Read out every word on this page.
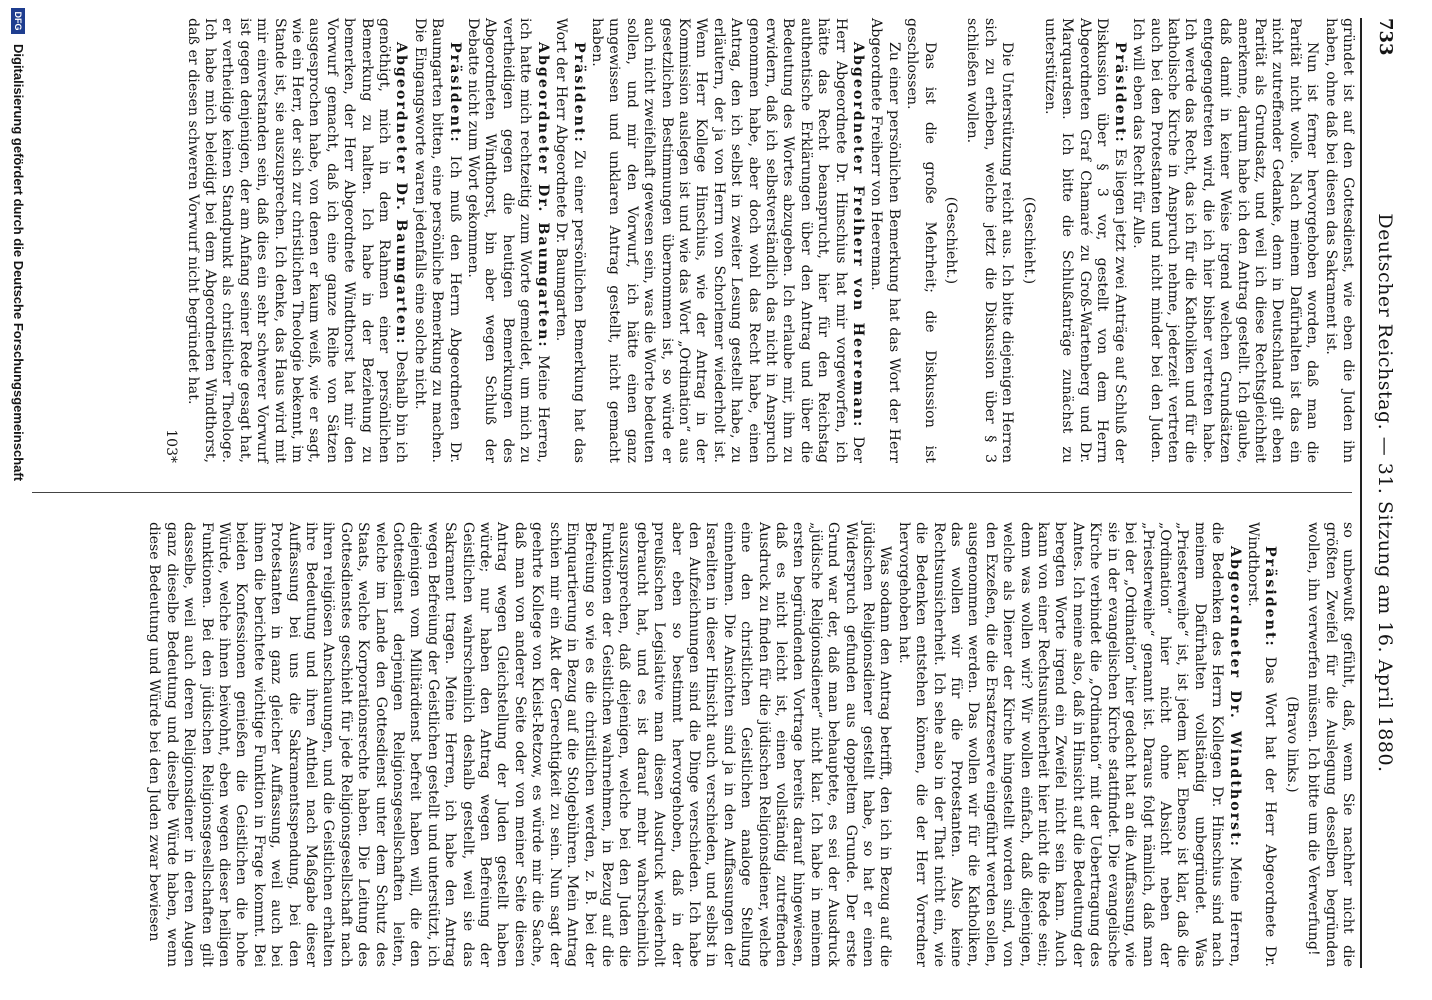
Deutscher Reichstag. — 31. Sitzung am 16. April 1880.
733

gründet ist auf den Gottesdienst, wie eben die Juden ihn haben, ohne daß bei diesen das Sakrament ist.

Nun ist ferner hervorgehoben worden, daß man die Parität nicht wolle. Nach meinem Dafürhalten ist das ein nicht zutreffender Gedanke, denn in Deutschland gilt eben Parität als Grundsatz, und weil ich diese Rechtsgleichheit anerkenne, darum habe ich den Antrag gestellt. Ich glaube, daß damit in keiner Weise irgend welchen Grundsätzen entgegengetreten wird, die ich hier bisher vertreten habe. Ich werde das Recht, das ich für die Katholiken und für die katholische Kirche in Anspruch nehme, jederzeit vertreten auch bei den Protestanten und nicht minder bei den Juden. Ich will eben das Recht für Alle.

Präsident: Es liegen jetzt zwei Anträge auf Schluß der Diskussion über § 3 vor, gestellt von dem Herrn Abgeordneten Graf Chamaré zu Groß-Wartenberg und Dr. Marquardsen. Ich bitte die Schlußanträge zunächst zu unterstützen.

(Geschieht.)

Die Unterstützung reicht aus. Ich bitte diejenigen Herren sich zu erheben, welche jetzt die Diskussion über § 3 schließen wollen.

(Geschieht.)

Das ist die große Mehrheit; die Diskussion ist geschlossen.

Zu einer persönlichen Bemerkung hat das Wort der Herr Abgeordnete Freiherr von Heereman.

Abgeordneter Freiherr von Heereman: Der Herr Abgeordnete Dr. Hinschius hat mir vorgeworfen, ich hätte das Recht beansprucht, hier für den Reichstag authentische Erklärungen über den Antrag und über die Bedeutung des Wortes abzugeben. Ich erlaube mir, ihm zu erwidern, daß ich selbstverständlich das nicht in Anspruch genommen habe, aber doch wohl das Recht habe, einen Antrag, den ich selbst in zweiter Lesung gestellt habe, zu erläutern, der ja von Herrn von Schorlemer wiederholt ist. Wenn Herr Kollege Hinschius, wie der Antrag in der Kommission auslegen ist und wie das Wort „Ordination“ aus gesetzlichen Bestimmungen übernommen ist, so würde er auch nicht zweifelhaft gewesen sein, was die Worte bedeuten sollen, und mir den Vorwurf, ich hätte einen ganz ungewissen und unklaren Antrag gestellt, nicht gemacht haben.

Präsident: Zu einer persönlichen Bemerkung hat das Wort der Herr Abgeordnete Dr. Baumgarten.

Abgeordneter Dr. Baumgarten: Meine Herren, ich hatte mich rechtzeitig zum Worte gemeldet, um mich zu vertheidigen gegen die heutigen Bemerkungen des Abgeordneten Windthorst, bin aber wegen Schluß der Debatte nicht zum Wort gekommen.

Präsident: Ich muß den Herrn Abgeordneten Dr. Baumgarten bitten, eine persönliche Bemerkung zu machen. Die Eingangsworte waren jedenfalls eine solche nicht.

Abgeordneter Dr. Baumgarten: Deshalb bin ich genöthigt, mich in dem Rahmen einer persönlichen Bemerkung zu halten. Ich habe in der Beziehung zu bemerken, der Herr Abgeordnete Windthorst hat mir den Vorwurf gemacht, daß ich eine ganze Reihe von Sätzen ausgesprochen habe, von denen er kaum weiß, wie er sagt, wie ein Herr, der sich zur christlichen Theologie bekennt, im Stande ist, sie auszusprechen. Ich denke, das Haus wird mit mir einverstanden sein, daß dies ein sehr schwerer Vorwurf ist gegen denjenigen, der am Anfang seiner Rede gesagt hat, er vertheidige keinen Standpunkt als christlicher Theologe. Ich habe mich beleidigt bei dem Abgeordneten Windthorst, daß er diesen schweren Vorwurf nicht begründet hat.

103*

so unbewußt gefühlt, daß, wenn Sie nachher nicht die größten Zweifel für die Auslegung desselben begründen wollen, ihn verwerfen müssen. Ich bitte um die Verwerfung!

(Bravo links.)

Präsident: Das Wort hat der Herr Abgeordnete Dr. Windthorst.

Abgeordneter Dr. Windthorst: Meine Herren, die Bedenken des Herrn Kollegen Dr. Hinschius sind nach meinem Dafürhalten vollständig unbegründet. Was „Priesterweihe“ ist, ist jedem klar. Ebenso ist klar, daß die „Ordination“ hier nicht ohne Absicht neben der „Priesterweihe“ genannt ist. Daraus folgt nämlich, daß man bei der „Ordination“ hier gedacht hat an die Auffassung, wie sie in der evangelischen Kirche stattfindet. Die evangelische Kirche verbindet die „Ordination“ mit der Uebertragung des Amtes. Ich meine also, daß in Hinsicht auf die Bedeutung der beregten Worte irgend ein Zweifel nicht sein kann. Auch kann von einer Rechtsunsicherheit hier nicht die Rede sein; denn was wollen wir? Wir wollen einfach, daß diejenigen, welche als Diener der Kirche hingestellt worden sind, von den Exzeßen, die die Ersatzreserve eingeführt werden sollen, ausgenommen werden. Das wollen wir für die Katholiken, das wollen wir für die Protestanten. Also keine Rechtsunsicherheit. Ich sehe also in der That nicht ein, wie die Bedenken entstehen können, die der Herr Vorredner hervorgehoben hat.

Was sodann den Antrag betrifft, den ich in Bezug auf die jüdischen Religionsdiener gestellt habe, so hat er einen Widerspruch gefunden aus doppeltem Grunde. Der erste Grund war der, daß man behauptete, es sei der Ausdruck „jüdische Religionsdiener“ nicht klar. Ich habe in meinem ersten begründenden Vortrage bereits darauf hingewiesen, daß es nicht leicht ist, einen vollständig zutreffenden Ausdruck zu finden für die jüdischen Religionsdiener, welche eine den christlichen Geistlichen analoge Stellung einnehmen. Die Ansichten sind ja in den Auffassungen der Israeliten in dieser Hinsicht auch verschieden, und selbst in den Aufzeichnungen sind die Dinge verschieden. Ich habe aber eben so bestimmt hervorgehoben, daß in der preußischen Legislative man diesen Ausdruck wiederholt gebraucht hat, und es ist darauf mehr wahrscheinlich auszusprechen, daß diejenigen, welche bei den Juden die Funktionen der Geistlichen wahrnehmen, in Bezug auf die Befreiung so wie es die christlichen werden, z. B. bei der Einquartierung in Bezug auf die Stolgebühren. Mein Antrag schien mir ein Akt der Gerechtigkeit zu sein. Nun sagt der geehrte Kollege von Kleist-Retzow, es würde mir die Sache, daß man von anderer Seite oder von meiner Seite diesen Antrag wegen Gleichstellung der Juden gestellt haben würde; nur haben den Antrag wegen Befreiung der Geistlichen wahrscheinlich deshalb gestellt, weil sie das Sakrament tragen. Meine Herren, ich habe den Antrag wegen Befreiung der Geistlichen gestellt und unterstützt, ich diejenigen vom Militärdienst befreit haben will, die den Gottesdienst derjenigen Religionsgesellschaften leiten, welche im Lande den Gottesdienst unter dem Schutz des Staats, welche Korporationsrechte haben. Die Leitung des Gottesdienstes geschieht für jede Religionsgesellschaft nach ihren religiösen Anschauungen, und die Geistlichen erhalten ihre Bedeutung und ihren Antheil nach Maßgabe dieser Auffassung bei uns die Sakramentsspendung, bei den Protestanten in ganz gleicher Auffassung, weil auch bei ihnen die berichtete wichtige Funktion in Frage kommt. Bei beiden Konfessionen genießen die Geistlichen die hohe Würde, welche ihnen beiwohnt, eben wegen dieser heiligen Funktionen. Bei den jüdischen Religionsgesellschaften gilt dasselbe, weil auch deren Religionsdiener in deren Augen ganz dieselbe Bedeutung und dieselbe Würde haben, wenn diese Bedeutung und Würde bei den Juden zwar bewiesen

DFG
Digitalisierung gefördert durch die Deutsche Forschungsgemeinschaft
